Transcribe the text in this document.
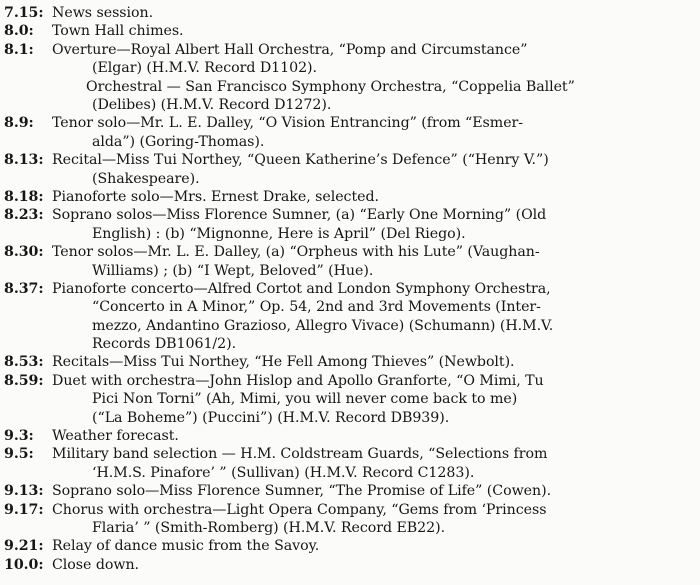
7.15: News session.
8.0:	Town Hall chimes.
8.1:	Overture—Royal Albert Hall Orchestra, “Pomp and Circumstance”
(Elgar) (H.M.V. Record D1102).
Orchestral — San Francisco Symphony Orchestra, “Coppelia Ballet”
(Delibes) (H.M.V. Record D1272).
8.9:	Tenor solo—Mr. L. E. Dalley, “O Vision Entrancing” (from “Esmer-
alda”) (Goring-Thomas).
8.13: Recital—Miss Tui Northey, “Queen Katherine’s Defence” (“Henry V.”)
(Shakespeare).
8.18: Pianoforte solo—Mrs. Ernest Drake, selected.
8.23: Soprano solos—Miss Florence Sumner, (a) “Early One Morning” (Old
English) : (b) “Mignonne, Here is April” (Del Riego).
8.30: Tenor solos—Mr. L. E. Dalley, (a) “Orpheus with his Lute” (Vaughan-
Williams) ; (b) “I Wept, Beloved” (Hue).
8.37: Pianoforte concerto—Alfred Cortot and London Symphony Orchestra,
“Concerto in A Minor,” Op. 54, 2nd and 3rd Movements (Inter-
mezzo, Andantino Grazioso, Allegro Vivace) (Schumann) (H.M.V.
Records DB1061/2).
8.53: Recitals—Miss Tui Northey, “He Fell Among Thieves” (Newbolt).
8.59: Duet with orchestra—John Hislop and Apollo Granforte, “O Mimi, Tu
Pici Non Torni” (Ah, Mimi, you will never come back to me)
(“La Boheme”) (Puccini”) (H.M.V. Record DB939).
9.3:	Weather forecast.
9.5:	Military band selection — H.M. Coldstream Guards, “Selections from
‘H.M.S. Pinafore’ ” (Sullivan) (H.M.V. Record C1283).
9.13: Soprano solo—Miss Florence Sumner, “The Promise of Life” (Cowen).
9.17: Chorus with orchestra—Light Opera Company, “Gems from ‘Princess
Flaria’ ” (Smith-Romberg) (H.M.V. Record EB22).
9.21: Relay of dance music from the Savoy.
10.0: Close down.
